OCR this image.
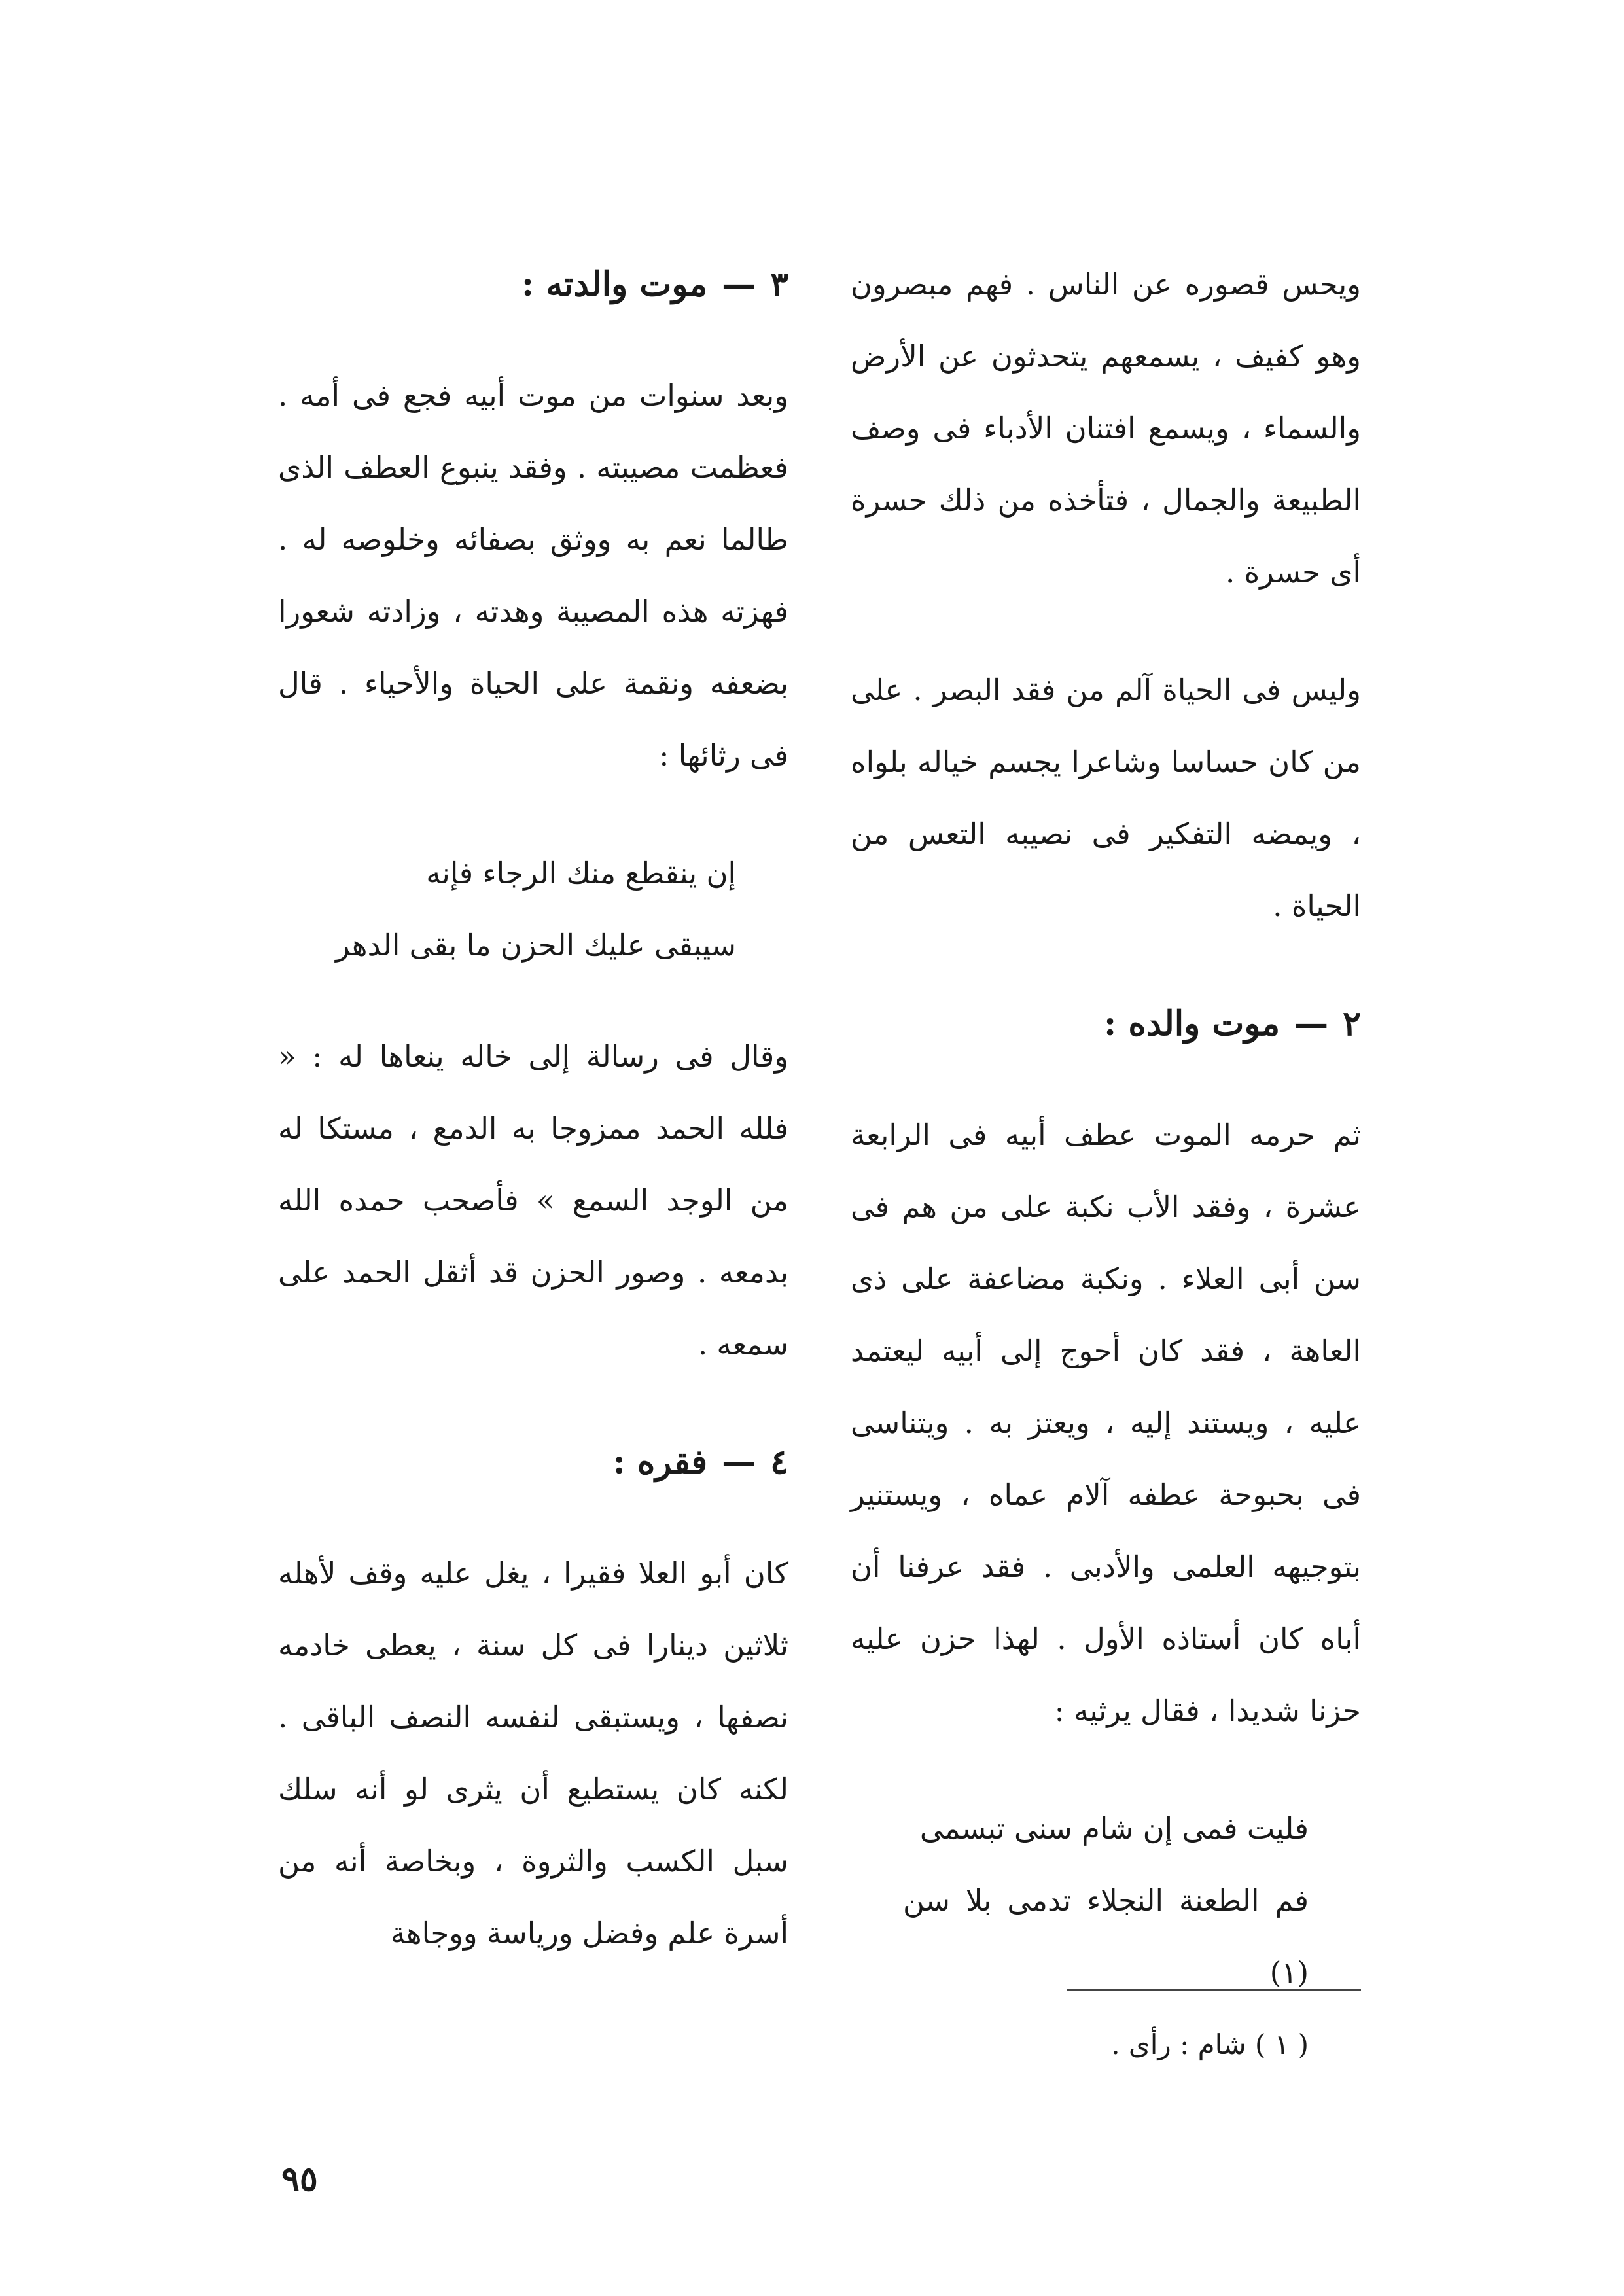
ويحس قصوره عن الناس . فهم مبصرون وهو كفيف ، يسمعهم يتحدثون عن الأرض والسماء ، ويسمع افتنان الأدباء فى وصف الطبيعة والجمال ، فتأخذه من ذلك حسرة أى حسرة .

وليس فى الحياة آلم من فقد البصر . على من كان حساسا وشاعرا يجسم خياله بلواه ، ويمضه التفكير فى نصيبه التعس من الحياة .

٢—موت والده :

ثم حرمه الموت عطف أبيه فى الرابعة عشرة ، وفقد الأب نكبة على من هم فى سن أبى العلاء . ونكبة مضاعفة على ذى العاهة ، فقد كان أحوج إلى أبيه ليعتمد عليه ، ويستند إليه ، ويعتز به . ويتناسى فى بحبوحة عطفه آلام عماه ، ويستنير بتوجيهه العلمى والأدبى . فقد عرفنا أن أباه كان أستاذه الأول . لهذا حزن عليه حزنا شديدا ، فقال يرثيه :

فليت فمى إن شام سنى تبسمى
فم الطعنة النجلاء تدمى بلا سن (١)
٣—موت والدته :

وبعد سنوات من موت أبيه فجع فى أمه . فعظمت مصيبته . وفقد ينبوع العطف الذى طالما نعم به ووثق بصفائه وخلوصه له . فهزته هذه المصيبة وهدته ، وزادته شعورا بضعفه ونقمة على الحياة والأحياء . قال فى رثائها :

إن ينقطع منك الرجاء فإنه
سيبقى عليك الحزن ما بقى الدهر

وقال فى رسالة إلى خاله ينعاها له : « فلله الحمد ممزوجا به الدمع ، مستكا له من الوجد السمع » فأصحب حمده الله بدمعه . وصور الحزن قد أثقل الحمد على سمعه .

٤—فقره :

كان أبو العلا فقيرا ، يغل عليه وقف لأهله ثلاثين دينارا فى كل سنة ، يعطى خادمه نصفها ، ويستبقى لنفسه النصف الباقى . لكنه كان يستطيع أن يثرى لو أنه سلك سبل الكسب والثروة ، وبخاصة أنه من أسرة علم وفضل ورياسة ووجاهة

( ١ ) شام : رأى .
٩٥
